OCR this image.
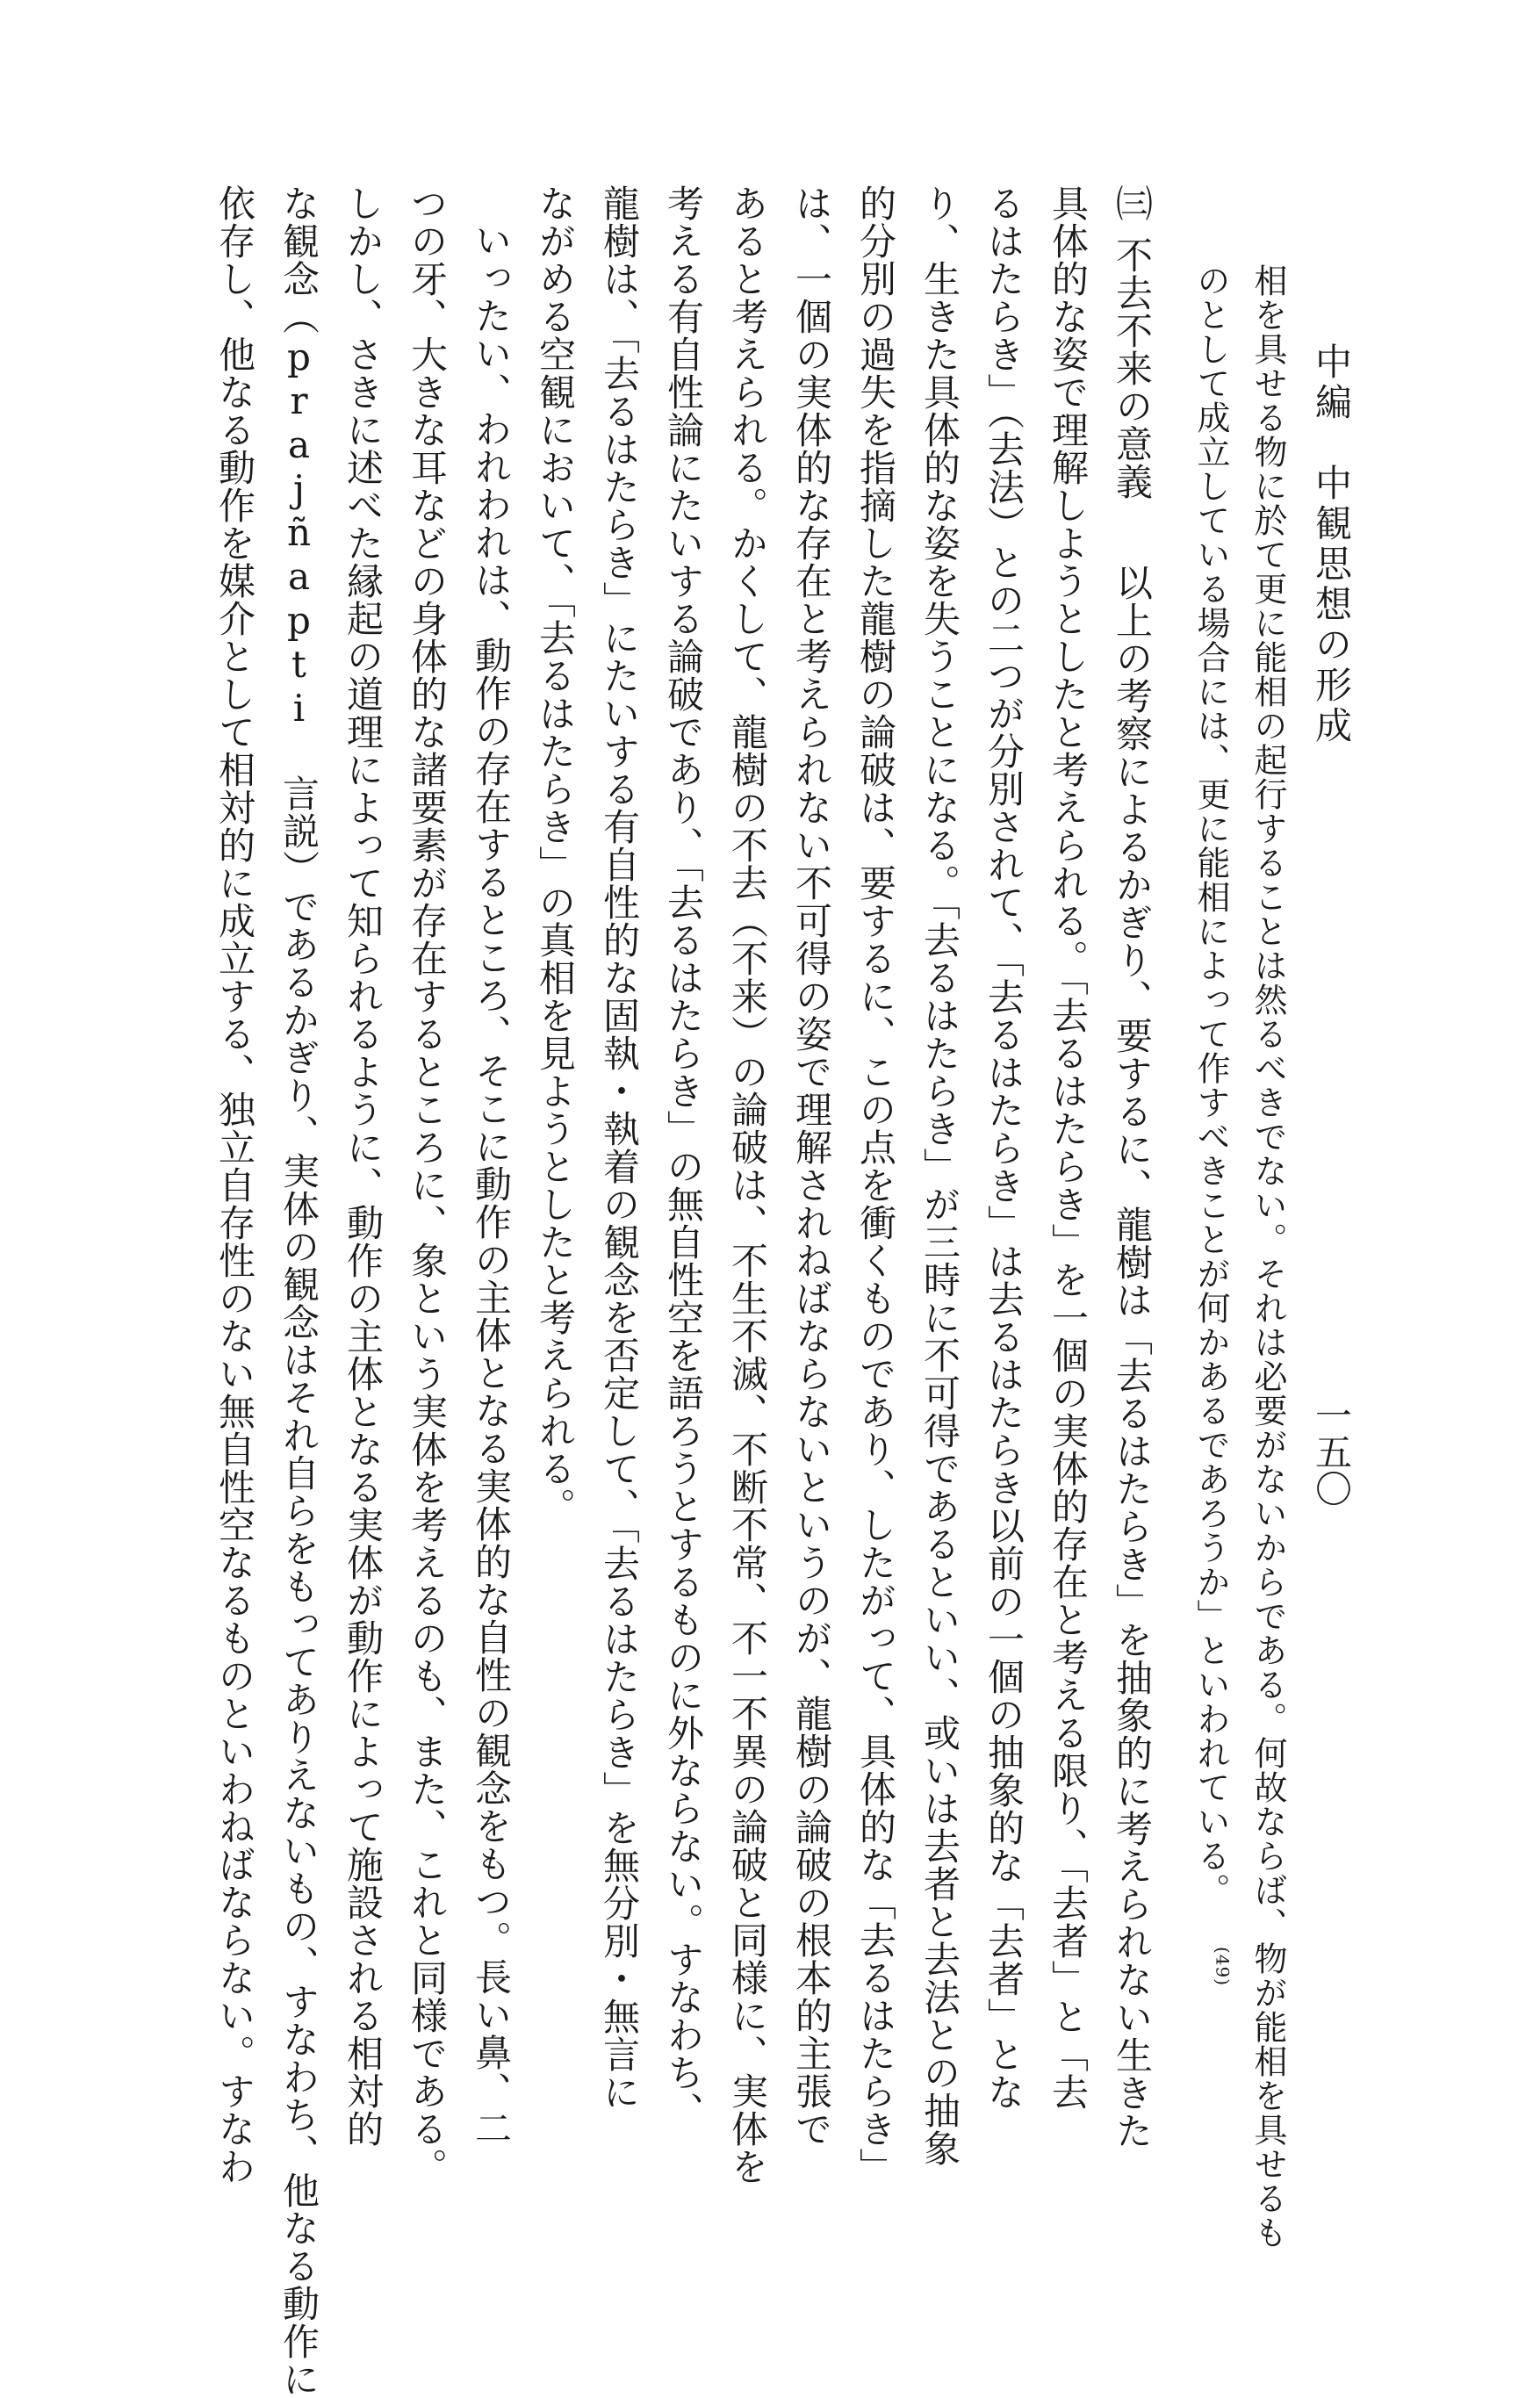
中編　中観思想の形成
一五〇
相を具せる物に於て更に能相の起行することは然るべきでない。それは必要がないからである。何故ならば、物が能相を具せるも
のとして成立している場合には、更に能相によって作すべきことが何かあるであろうか」といわれている。 $^{(49)}$
㈢不去不来の意義以上の考察によるかぎり、要するに、龍樹は「去るはたらき」を抽象的に考えられない生きた
具体的な姿で理解しようとしたと考えられる。「去るはたらき」を一個の実体的存在と考える限り、「去者」と「去
るはたらき」（去法）との二つが分別されて、「去るはたらき」は去るはたらき以前の一個の抽象的な「去者」とな
り、生きた具体的な姿を失うことになる。「去るはたらき」が三時に不可得であるといい、或いは去者と去法との抽象
的分別の過失を指摘した龍樹の論破は、要するに、この点を衝くものであり、したがって、具体的な「去るはたらき」
は、一個の実体的な存在と考えられない不可得の姿で理解されねばならないというのが、龍樹の論破の根本的主張で
あると考えられる。かくして、龍樹の不去（不来）の論破は、不生不滅、不断不常、不一不異の論破と同様に、実体を
考える有自性論にたいする論破であり、「去るはたらき」の無自性空を語ろうとするものに外ならない。すなわち、
龍樹は、「去るはたらき」にたいする有自性的な固執・執着の観念を否定して、「去るはたらき」を無分別・無言に
ながめる空観において、「去るはたらき」の真相を見ようとしたと考えられる。
いったい、われわれは、動作の存在するところ、そこに動作の主体となる実体的な自性の観念をもつ。長い鼻、二
つの牙、大きな耳などの身体的な諸要素が存在するところに、象という実体を考えるのも、また、これと同様である。
しかし、さきに述べた縁起の道理によって知られるように、動作の主体となる実体が動作によって施設される相対的
な観念（prajñapti 言説）であるかぎり、実体の観念はそれ自らをもってありえないもの、すなわち、他なる動作に
依存し、他なる動作を媒介として相対的に成立する、独立自存性のない無自性空なるものといわねばならない。すなわ
